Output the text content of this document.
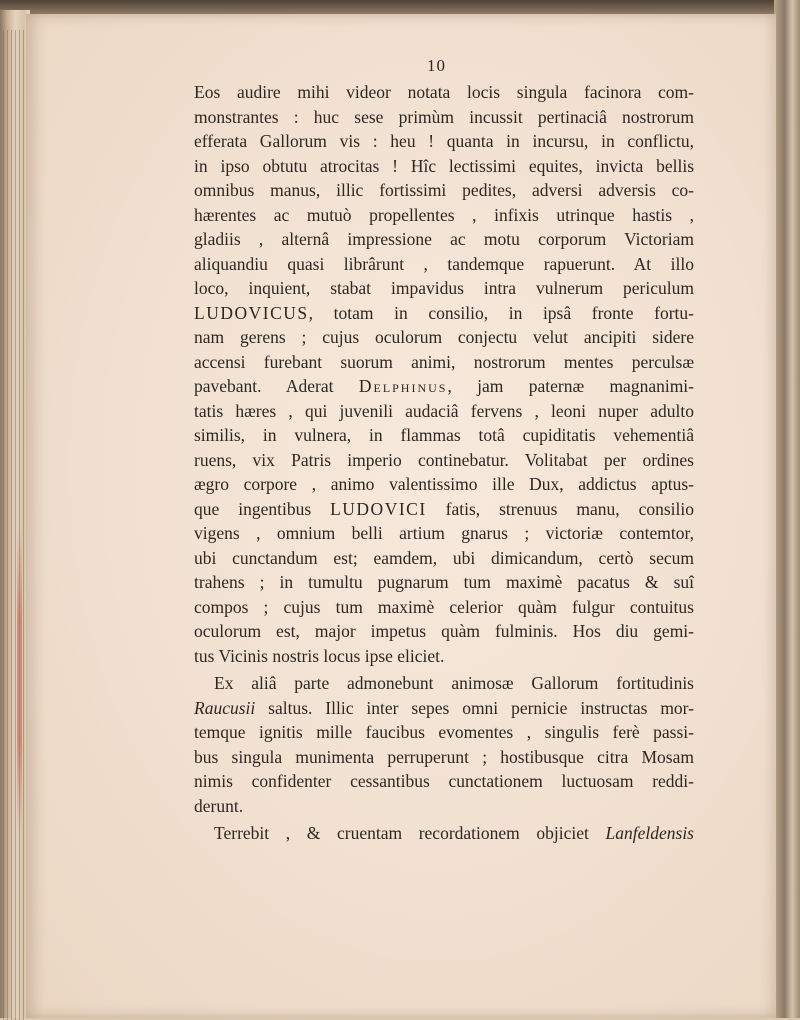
10
Eos audire mihi videor notata locis singula facinora com-
monstrantes : huc sese primùm incussit pertinaciâ nostrorum
efferata Gallorum vis : heu ! quanta in incursu, in conflictu,
in ipso obtutu atrocitas ! Hîc lectissimi equites, invicta bellis
omnibus manus, illic fortissimi pedites, adversi adversis co-
hærentes ac mutuò propellentes , infixis utrinque hastis ,
gladiis , alternâ impressione ac motu corporum Victoriam
aliquandiu quasi librârunt , tandemque rapuerunt. At illo
loco, inquient, stabat impavidus intra vulnerum periculum
LUDOVICUS, totam in consilio, in ipsâ fronte fortu-
nam gerens ; cujus oculorum conjectu velut ancipiti sidere
accensi furebant suorum animi, nostrorum mentes perculsæ
pavebant. Aderat Delphinus, jam paternæ magnanimi-
tatis hæres , qui juvenili audaciâ fervens , leoni nuper adulto
similis, in vulnera, in flammas totâ cupiditatis vehementiâ
ruens, vix Patris imperio continebatur. Volitabat per ordines
ægro corpore , animo valentissimo ille Dux, addictus aptus-
que ingentibus LUDOVICI fatis, strenuus manu, consilio
vigens , omnium belli artium gnarus ; victoriæ contemtor,
ubi cunctandum est; eamdem, ubi dimicandum, certò secum
trahens ; in tumultu pugnarum tum maximè pacatus & suî
compos ; cujus tum maximè celerior quàm fulgur contuitus
oculorum est, major impetus quàm fulminis. Hos diu gemi-
tus Vicinis nostris locus ipse eliciet.
Ex aliâ parte admonebunt animosæ Gallorum fortitudinis
Raucusii saltus. Illic inter sepes omni pernicie instructas mor-
temque ignitis mille faucibus evomentes , singulis ferè passi-
bus singula munimenta perruperunt ; hostibusque citra Mosam
nimis confidenter cessantibus cunctationem luctuosam reddi-
derunt.
Terrebit , & cruentam recordationem objiciet Lanfeldensis
